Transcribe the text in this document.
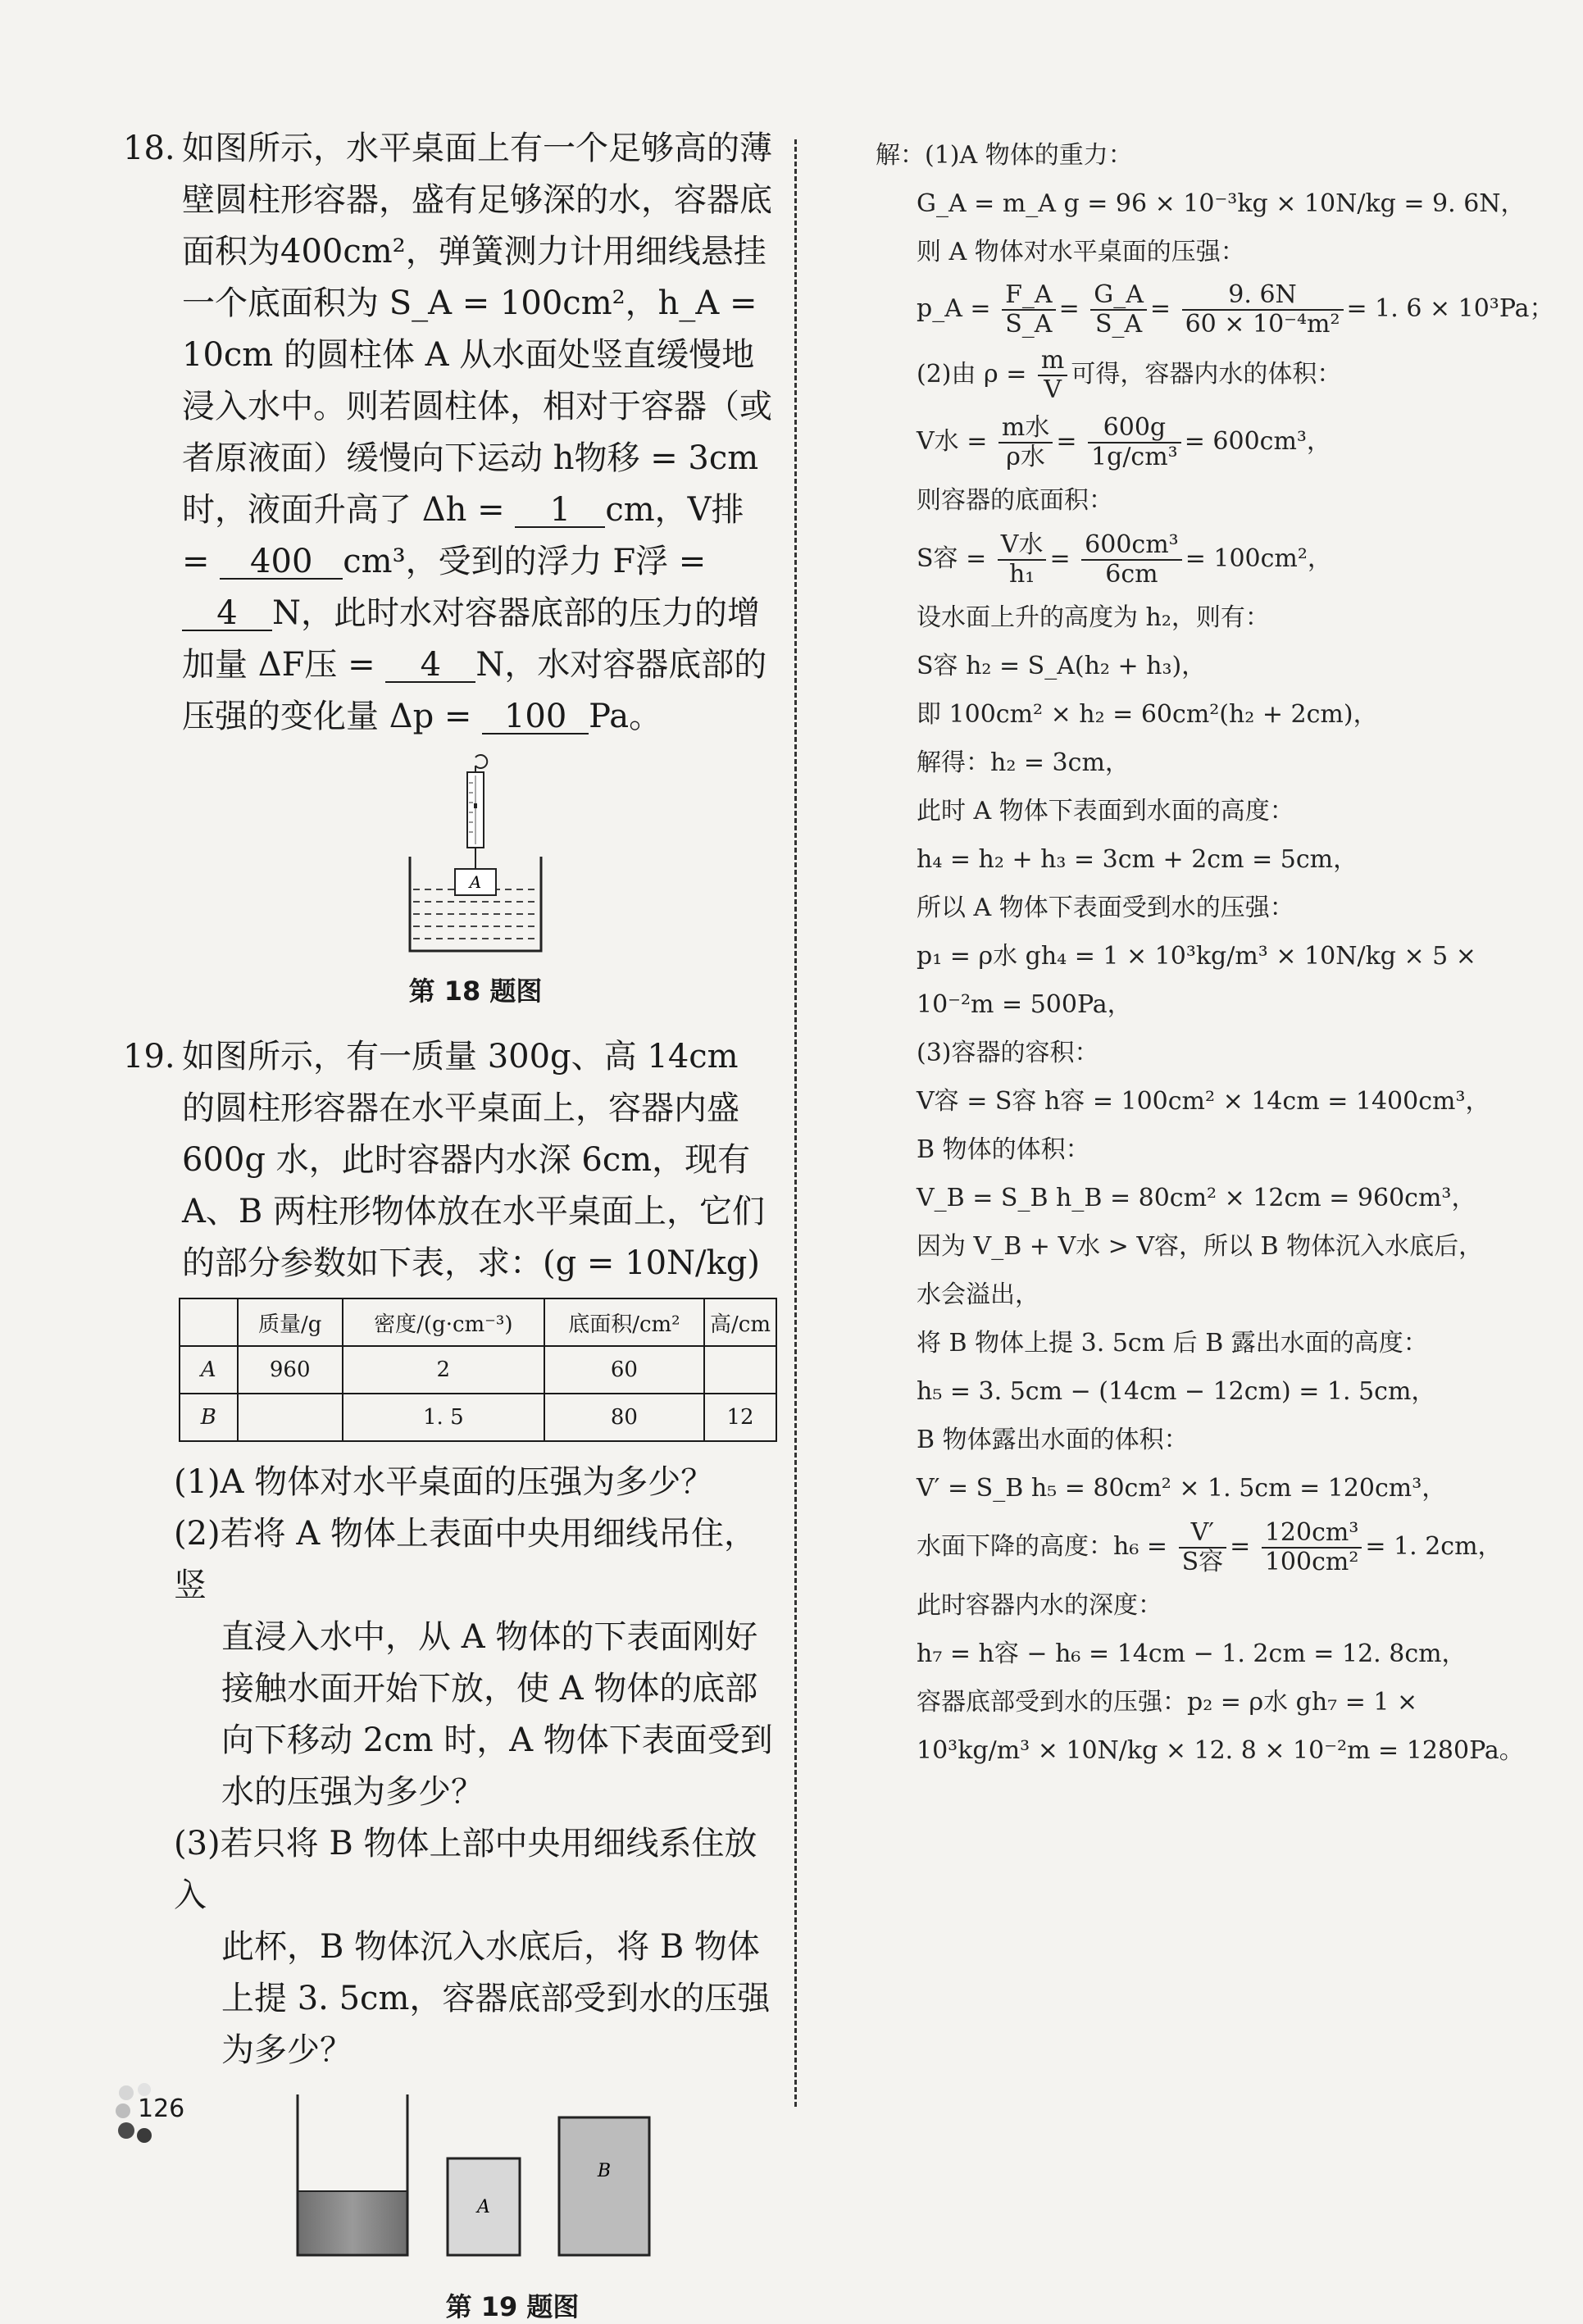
18. 如图所示，水平桌面上有一个足够高的薄壁圆柱形容器，盛有足够深的水，容器底面积为400cm²，弹簧测力计用细线悬挂一个底面积为 S_A = 100cm²，h_A = 10cm 的圆柱体 A 从水面处竖直缓慢地浸入水中。则若圆柱体，相对于容器（或者原液面）缓慢向下运动 h物移 = 3cm 时，液面升高了 Δh = 1 cm，V排 = 400 cm³，受到的浮力 F浮 = 4 N，此时水对容器底部的压力的增加量 ΔF压 = 4 N，水对容器底部的压强的变化量 Δp = 100 Pa。
A
第 18 题图
19. 如图所示，有一质量 300g、高 14cm 的圆柱形容器在水平桌面上，容器内盛 600g 水，此时容器内水深 6cm，现有 A、B 两柱形物体放在水平桌面上，它们的部分参数如下表，求：(g = 10N/kg)
	质量/g	密度/(g·cm⁻³)	底面积/cm²	高/cm
A	960	2	60	
B		1. 5	80	12
(1)A 物体对水平桌面的压强为多少？
(2)若将 A 物体上表面中央用细线吊住，竖
直浸入水中，从 A 物体的下表面刚好接触水面开始下放，使 A 物体的底部向下移动 2cm 时，A 物体下表面受到水的压强为多少？
(3)若只将 B 物体上部中央用细线系住放入
此杯，B 物体沉入水底后，将 B 物体上提 3. 5cm，容器底部受到水的压强为多少？
A
B
第 19 题图
解：(1)A 物体的重力：
G_A = m_A g = 96 × 10⁻³kg × 10N/kg = 9. 6N，
则 A 物体对水平桌面的压强：
p_A = $\frac{F\_A}{S\_A} = \frac{G\_A}{S\_A} = \frac{9. 6N}{\text{60 × 10⁻⁴m²}} = 1$. 6 × 10³Pa；
(2)由 $\rho = \frac{m}{V}$ 可得，容器内水的体积：
V水 = $\frac{\text{m水}}{\text{ρ水}} = \frac{600g}{\text{1g/cm³}} = 600cm^3$，
则容器的底面积：
S容 = $\frac{\text{V水}}{\text{h₁}} = \frac{\text{600cm³}}{6cm} = 100cm^2$，
设水面上升的高度为 h₂，则有：
S容 h₂ = S_A(h₂ + h₃)，
即 100cm² × h₂ = 60cm²(h₂ + 2cm)，
解得：h₂ = 3cm，
此时 A 物体下表面到水面的高度：
h₄ = h₂ + h₃ = 3cm + 2cm = 5cm，
所以 A 物体下表面受到水的压强：
p₁ = ρ水 gh₄ = 1 × 10³kg/m³ × 10N/kg × 5 ×
10⁻²m = 500Pa，
(3)容器的容积：
V容 = S容 h容 = 100cm² × 14cm = 1400cm³，
B 物体的体积：
V_B = S_B h_B = 80cm² × 12cm = 960cm³，
因为 V_B + V水 > V容，所以 B 物体沉入水底后，
水会溢出，
将 B 物体上提 3. 5cm 后 B 露出水面的高度：
h₅ = 3. 5cm − (14cm − 12cm) = 1. 5cm，
B 物体露出水面的体积：
V′ = S_B h₅ = 80cm² × 1. 5cm = 120cm³，
水面下降的高度：$h_6 = \frac{V'}{\text{S容}} = \frac{\text{120cm³}}{\text{100cm²}} = 1$. 2cm，
此时容器内水的深度：
h₇ = h容 − h₆ = 14cm − 1. 2cm = 12. 8cm，
容器底部受到水的压强：p₂ = ρ水 gh₇ = 1 ×
10³kg/m³ × 10N/kg × 12. 8 × 10⁻²m = 1280Pa。
126
